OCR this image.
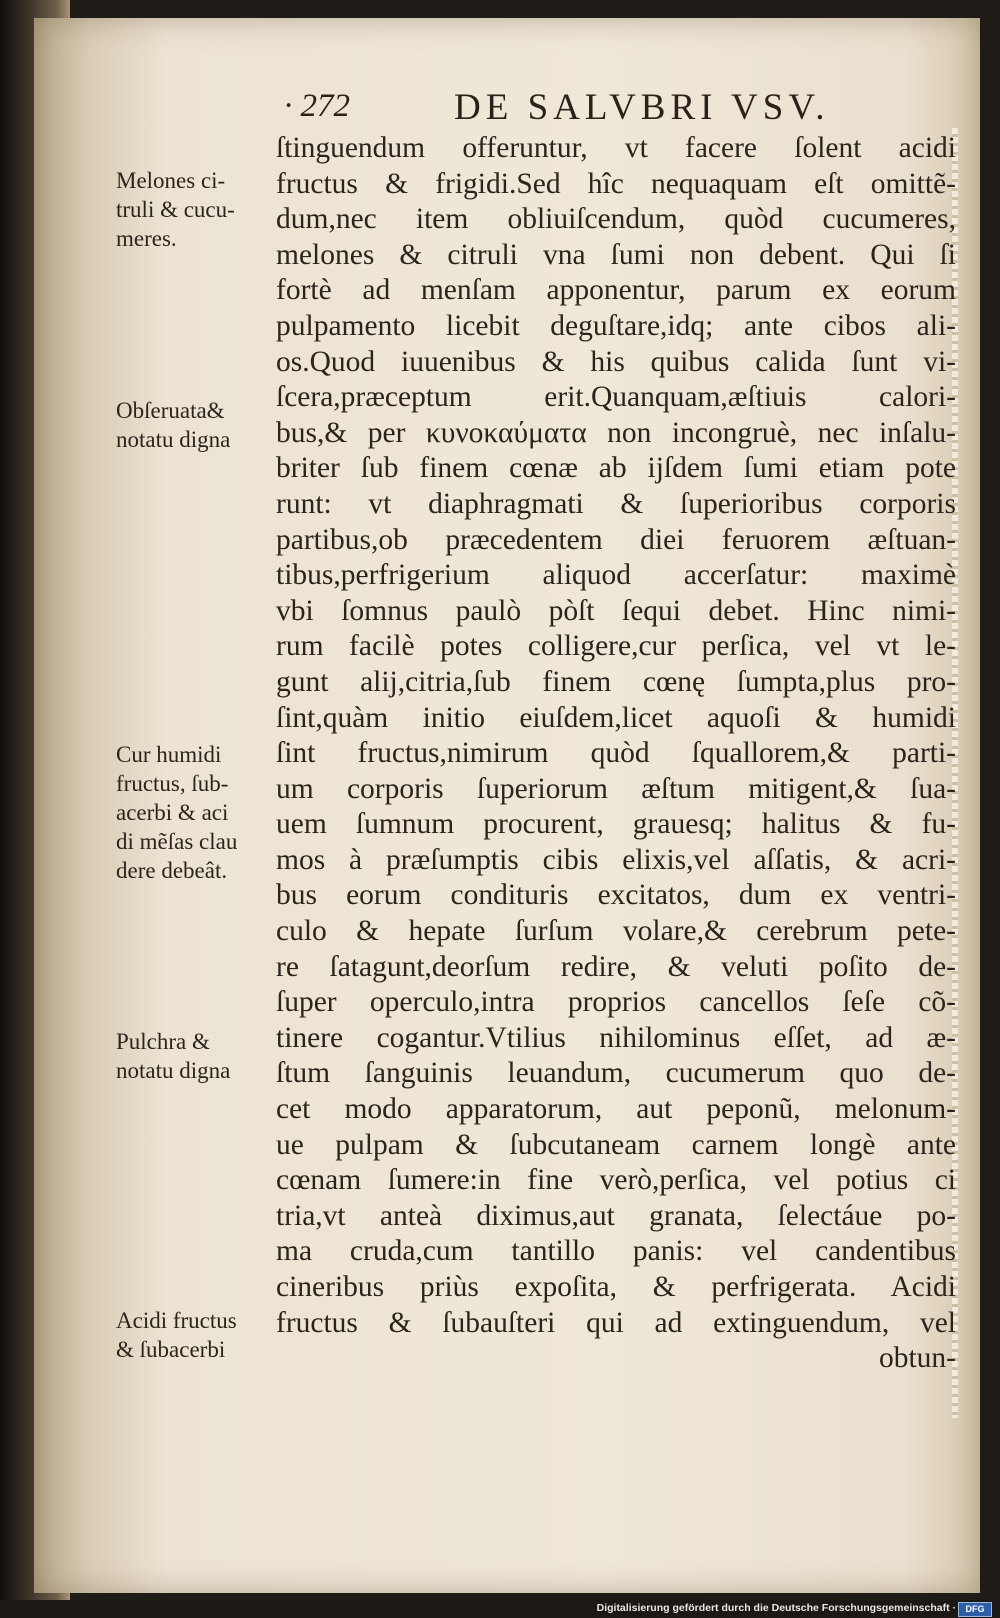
· 272	DE SALVBRI VSV.
ſtinguendum offeruntur, vt facere ſolent acidi
fructus & frigidi.Sed hîc nequaquam eſt omittẽ-
dum,nec item obliuiſcendum, quòd cucumeres,
melones & citruli vna ſumi non debent. Qui ſi
fortè ad menſam apponentur, parum ex eorum
pulpamento licebit deguſtare,idq; ante cibos ali-
os.Quod iuuenibus & his quibus calida ſunt vi-
ſcera,præceptum erit.Quanquam,æſtiuis calori-
bus,& per κυνοκαύματα non incongruè, nec inſalu-
briter ſub finem cœnæ ab ijſdem ſumi etiam pote
runt: vt diaphragmati & ſuperioribus corporis
partibus,ob præcedentem diei feruorem æſtuan-
tibus,perfrigerium aliquod accerſatur: maximè
vbi ſomnus paulò pòſt ſequi debet. Hinc nimi-
rum facilè potes colligere,cur perſica, vel vt le-
gunt alij,citria,ſub finem cœnę ſumpta,plus pro-
ſint,quàm initio eiuſdem,licet aquoſi & humidi
ſint fructus,nimirum quòd ſquallorem,& parti-
um corporis ſuperiorum æſtum mitigent,& ſua-
uem ſumnum procurent, grauesq; halitus & fu-
mos à præſumptis cibis elixis,vel aſſatis, & acri-
bus eorum condituris excitatos, dum ex ventri-
culo & hepate ſurſum volare,& cerebrum pete-
re ſatagunt,deorſum redire, & veluti poſito de-
ſuper operculo,intra proprios cancellos ſeſe cõ-
tinere cogantur.Vtilius nihilominus eſſet, ad æ-
ſtum ſanguinis leuandum, cucumerum quo de-
cet modo apparatorum, aut peponũ, melonum-
ue pulpam & ſubcutaneam carnem longè ante
cœnam ſumere:in fine verò,perſica, vel potius ci
tria,vt anteà diximus,aut granata, ſelectáue po-
ma cruda,cum tantillo panis: vel candentibus
cineribus priùs expoſita, & perfrigerata. Acidi
fructus & ſubauſteri qui ad extinguendum, vel
obtun-
Melones ci-
truli & cucu-
meres.
Obſeruata&
notatu digna
Cur humidi
fructus, ſub-
acerbi & aci
di mẽſas clau
dere debeât.
Pulchra &
notatu digna
Acidi fructus
& ſubacerbi
Digitalisierung gefördert durch die Deutsche Forschungsgemeinschaft ·	DFG
